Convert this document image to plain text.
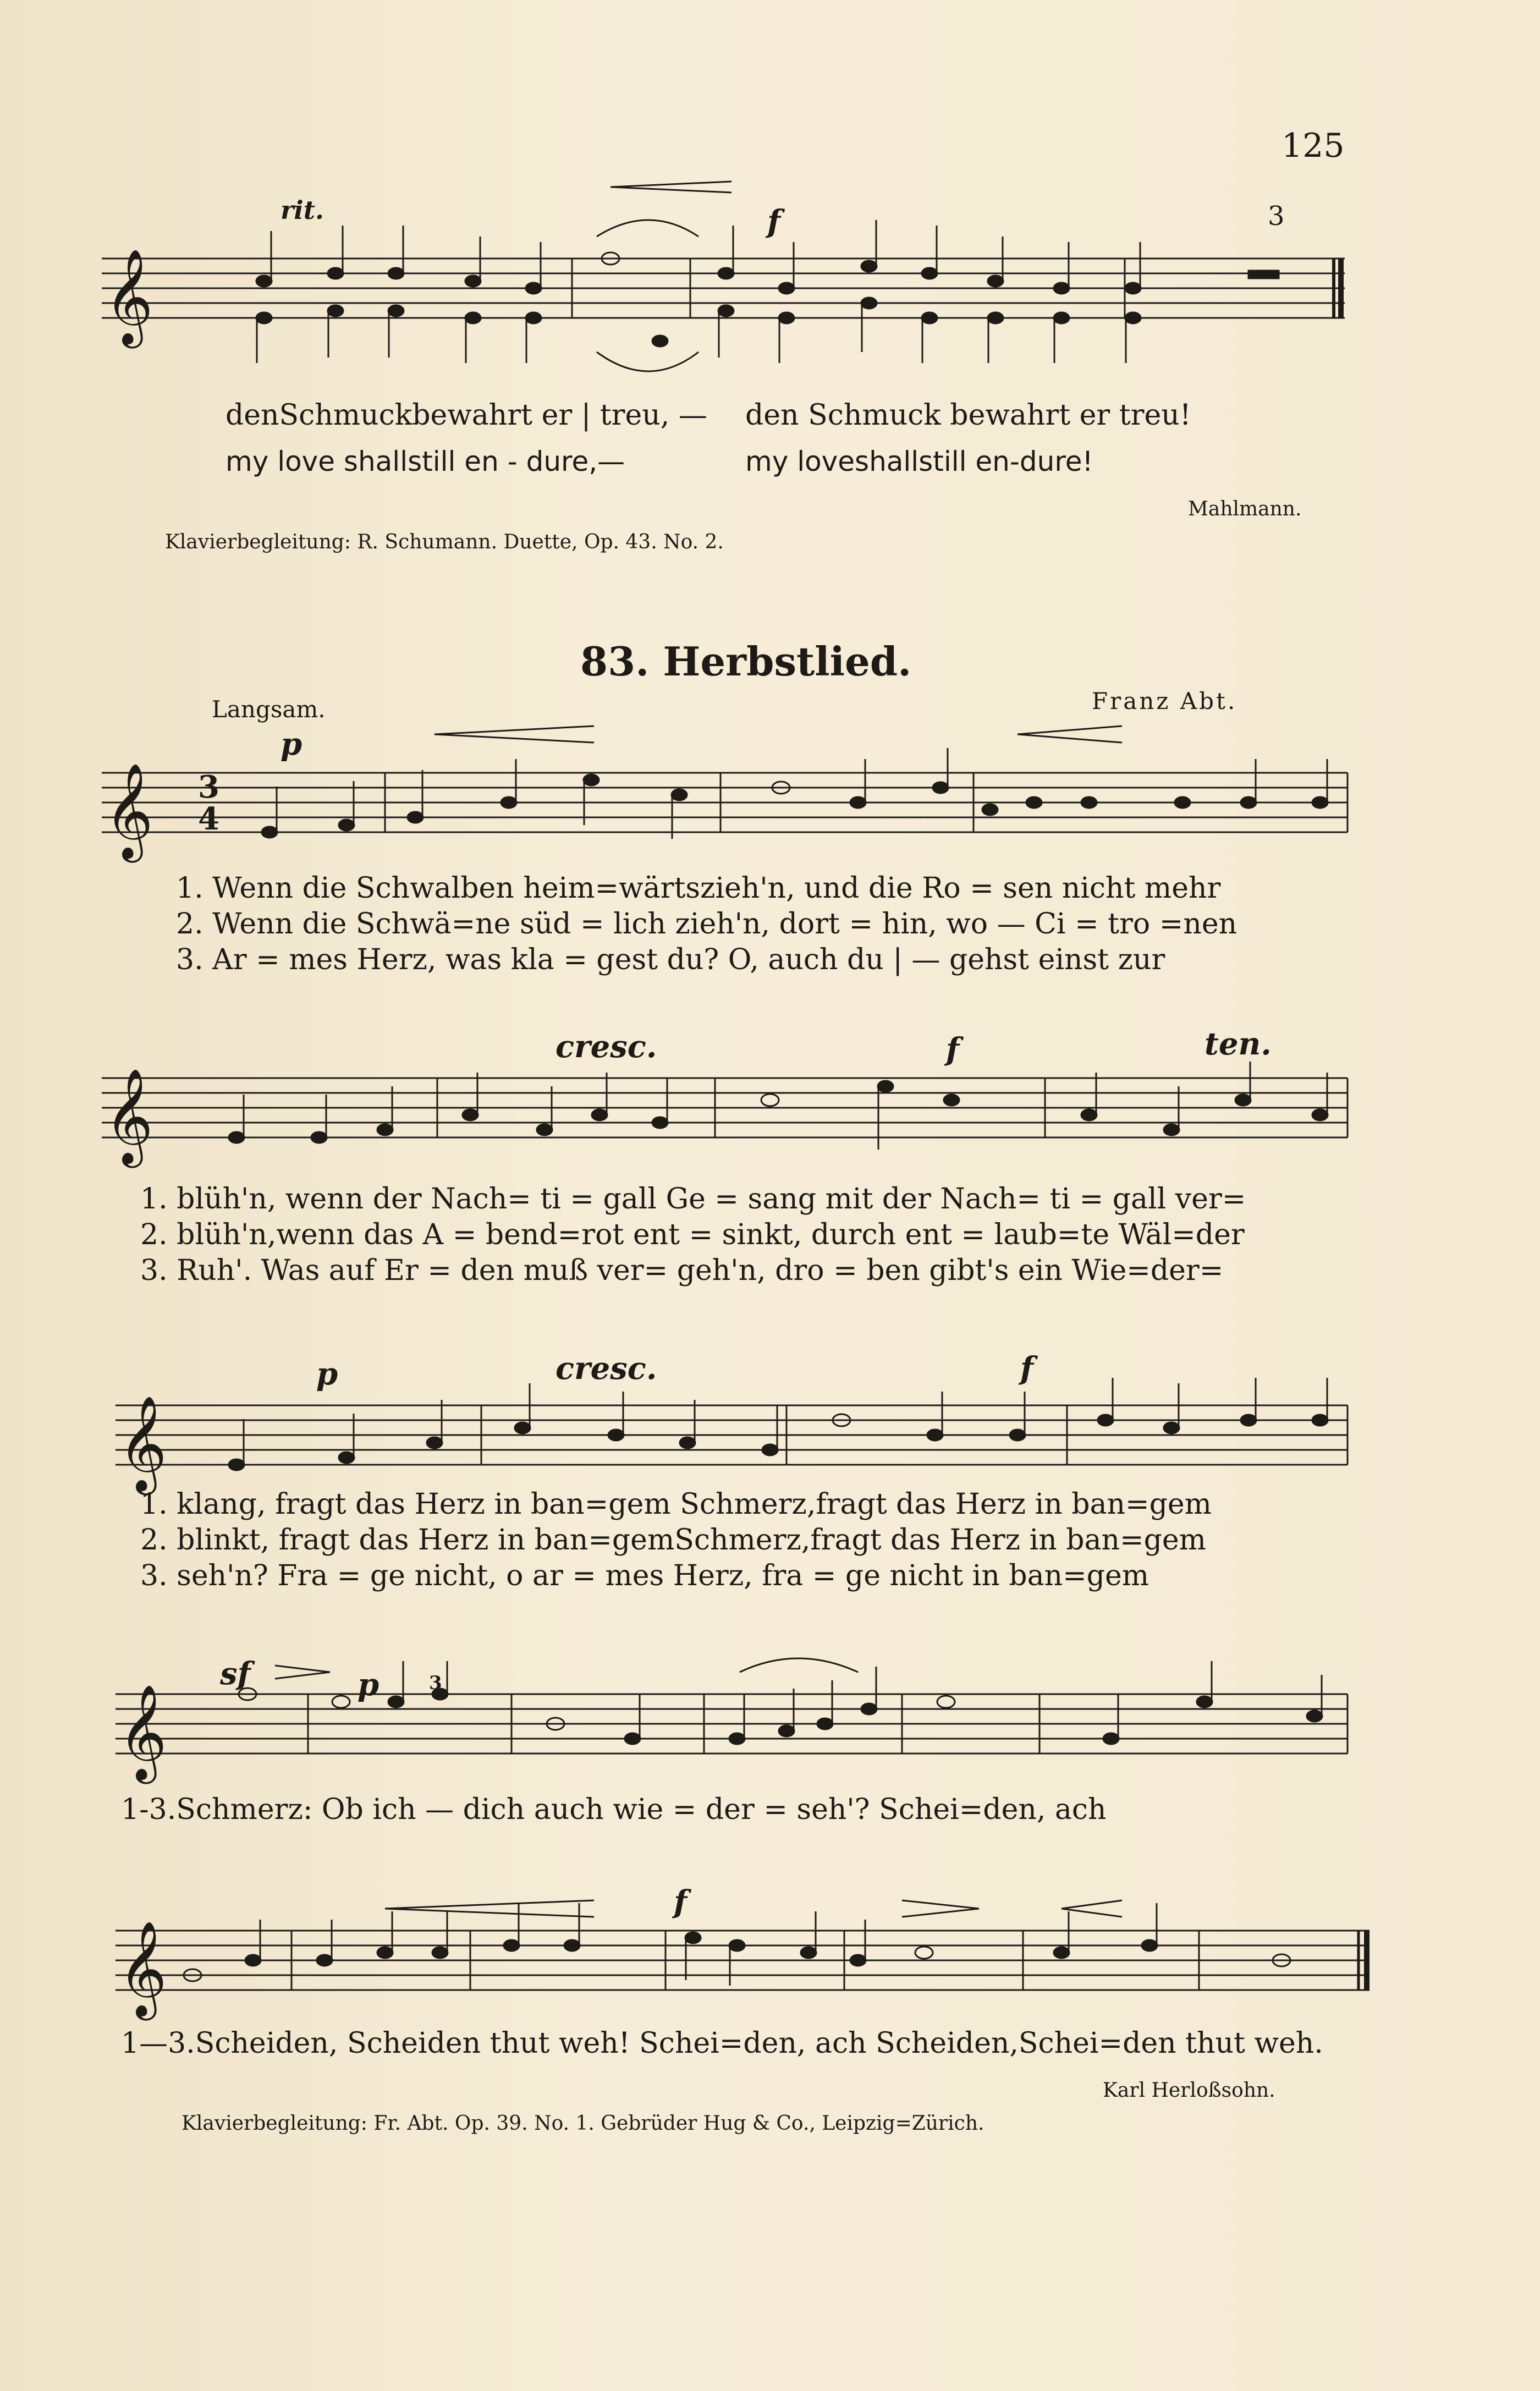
125
𝄞
𝄞
𝄞
𝄞
𝄞
𝄞
3
4
rit.	f	3
denSchmuckbewahrt er | treu, — den Schmuck bewahrt er treu!
my love shallstill en - dure,—	my loveshallstill en-dure!
Mahlmann.
Klavierbegleitung: R. Schumann. Duette, Op. 43. No. 2.
83. Herbstlied.
Langsam.	Franz Abt.
p
1. Wenn die Schwalben heim=wärtszieh'n, und die Ro = sen nicht mehr
2. Wenn die Schwä=ne süd = lich zieh'n, dort = hin, wo — Ci = tro =nen
3. Ar = mes Herz, was kla = gest du? O, auch du | — gehst einst zur
cresc.	f	ten.
1. blüh'n, wenn der Nach= ti = gall Ge = sang mit der Nach= ti = gall ver=
2. blüh'n,wenn das A = bend=rot ent = sinkt, durch ent = laub=te Wäl=der
3. Ruh'. Was auf Er = den muß ver= geh'n, dro = ben gibt's ein Wie=der=
p	cresc.	f
1. klang, fragt das Herz in ban=gem Schmerz,fragt das Herz in ban=gem
2. blinkt, fragt das Herz in ban=gemSchmerz,fragt das Herz in ban=gem
3. seh'n? Fra = ge nicht, o ar = mes Herz, fra = ge nicht in ban=gem
sf	p	3
1-3.Schmerz: Ob ich — dich auch wie = der = seh'? Schei=den, ach
f
1—3.Scheiden, Scheiden thut weh! Schei=den, ach Scheiden,Schei=den thut weh.
Karl Herloßsohn.
Klavierbegleitung: Fr. Abt. Op. 39. No. 1. Gebrüder Hug & Co., Leipzig=Zürich.
